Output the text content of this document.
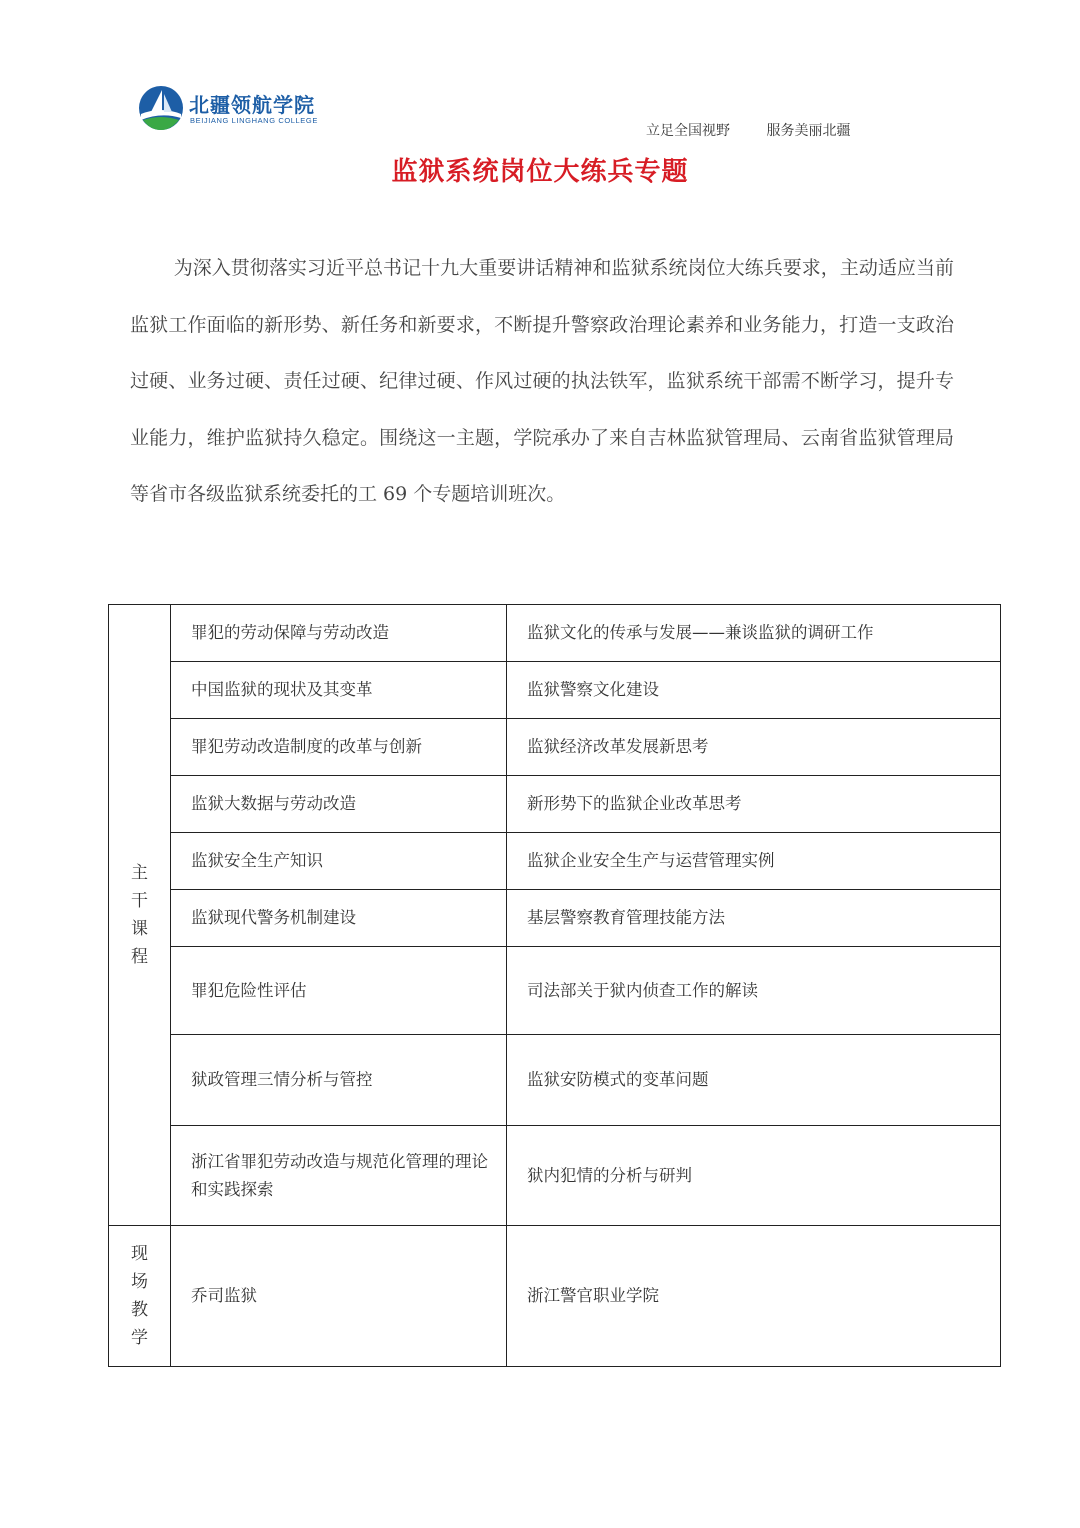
北疆领航学院
BEIJIANG LINGHANG COLLEGE
立足全国视野	服务美丽北疆
监狱系统岗位大练兵专题

为深入贯彻落实习近平总书记十九大重要讲话精神和监狱系统岗位大练兵要求，主动适应当前监狱工作面临的新形势、新任务和新要求，不断提升警察政治理论素养和业务能力，打造一支政治过硬、业务过硬、责任过硬、纪律过硬、作风过硬的执法铁军，监狱系统干部需不断学习，提升专业能力，维护监狱持久稳定。围绕这一主题，学院承办了来自吉林监狱管理局、云南省监狱管理局等省市各级监狱系统委托的工 69 个专题培训班次。

主干课程	罪犯的劳动保障与劳动改造	监狱文化的传承与发展——兼谈监狱的调研工作
	中国监狱的现状及其变革	监狱警察文化建设
	罪犯劳动改造制度的改革与创新	监狱经济改革发展新思考
	监狱大数据与劳动改造	新形势下的监狱企业改革思考
	监狱安全生产知识	监狱企业安全生产与运营管理实例
	监狱现代警务机制建设	基层警察教育管理技能方法
	罪犯危险性评估	司法部关于狱内侦查工作的解读
	狱政管理三情分析与管控	监狱安防模式的变革问题
	浙江省罪犯劳动改造与规范化管理的理论和实践探索	狱内犯情的分析与研判
现场教学	乔司监狱	浙江警官职业学院
